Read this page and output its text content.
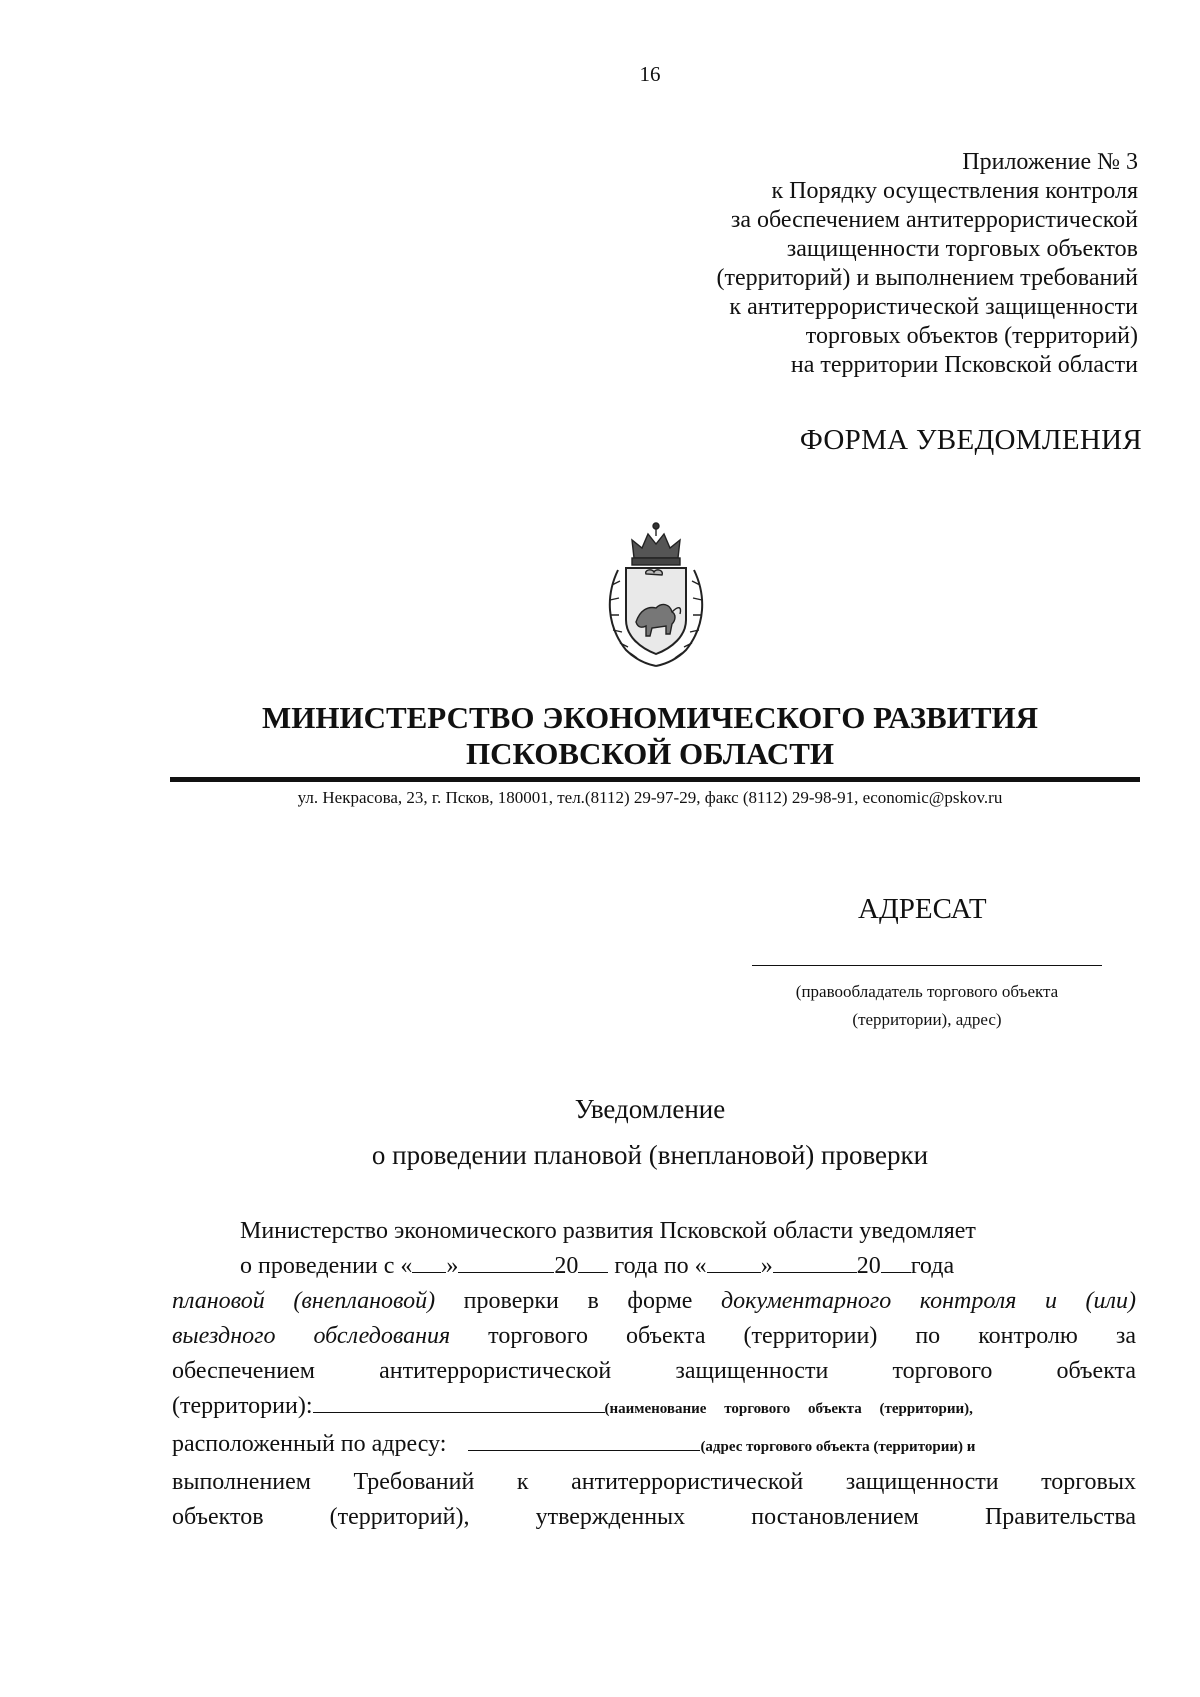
16
Приложение № 3
к Порядку осуществления контроля
за обеспечением антитеррористической
защищенности торговых объектов
(территорий) и выполнением требований
к антитеррористической защищенности
торговых объектов (территорий)
на территории Псковской области
ФОРМА УВЕДОМЛЕНИЯ
МИНИСТЕРСТВО ЭКОНОМИЧЕСКОГО РАЗВИТИЯ
ПСКОВСКОЙ ОБЛАСТИ
ул. Некрасова, 23, г. Псков, 180001, тел.(8112) 29-97-29, факс (8112) 29-98-91, economic@pskov.ru
АДРЕСАТ
(правообладатель торгового объекта
(территории), адрес)
Уведомление
о проведении плановой (внеплановой) проверки
Министерство экономического развития Псковской области уведомляет
о проведении с « »	20 года по « »	20 года
плановой (внеплановой) проверки в форме документарного контроля и (или)
выездного обследования торгового объекта (территории) по контролю за
обеспечением антитеррористической защищенности торгового объекта
(территории):	(наименование торгового объекта (территории),
расположенный по адресу:	(адрес торгового объекта (территории) и
выполнением Требований к антитеррористической защищенности торговых
объектов (территорий), утвержденных постановлением Правительства
